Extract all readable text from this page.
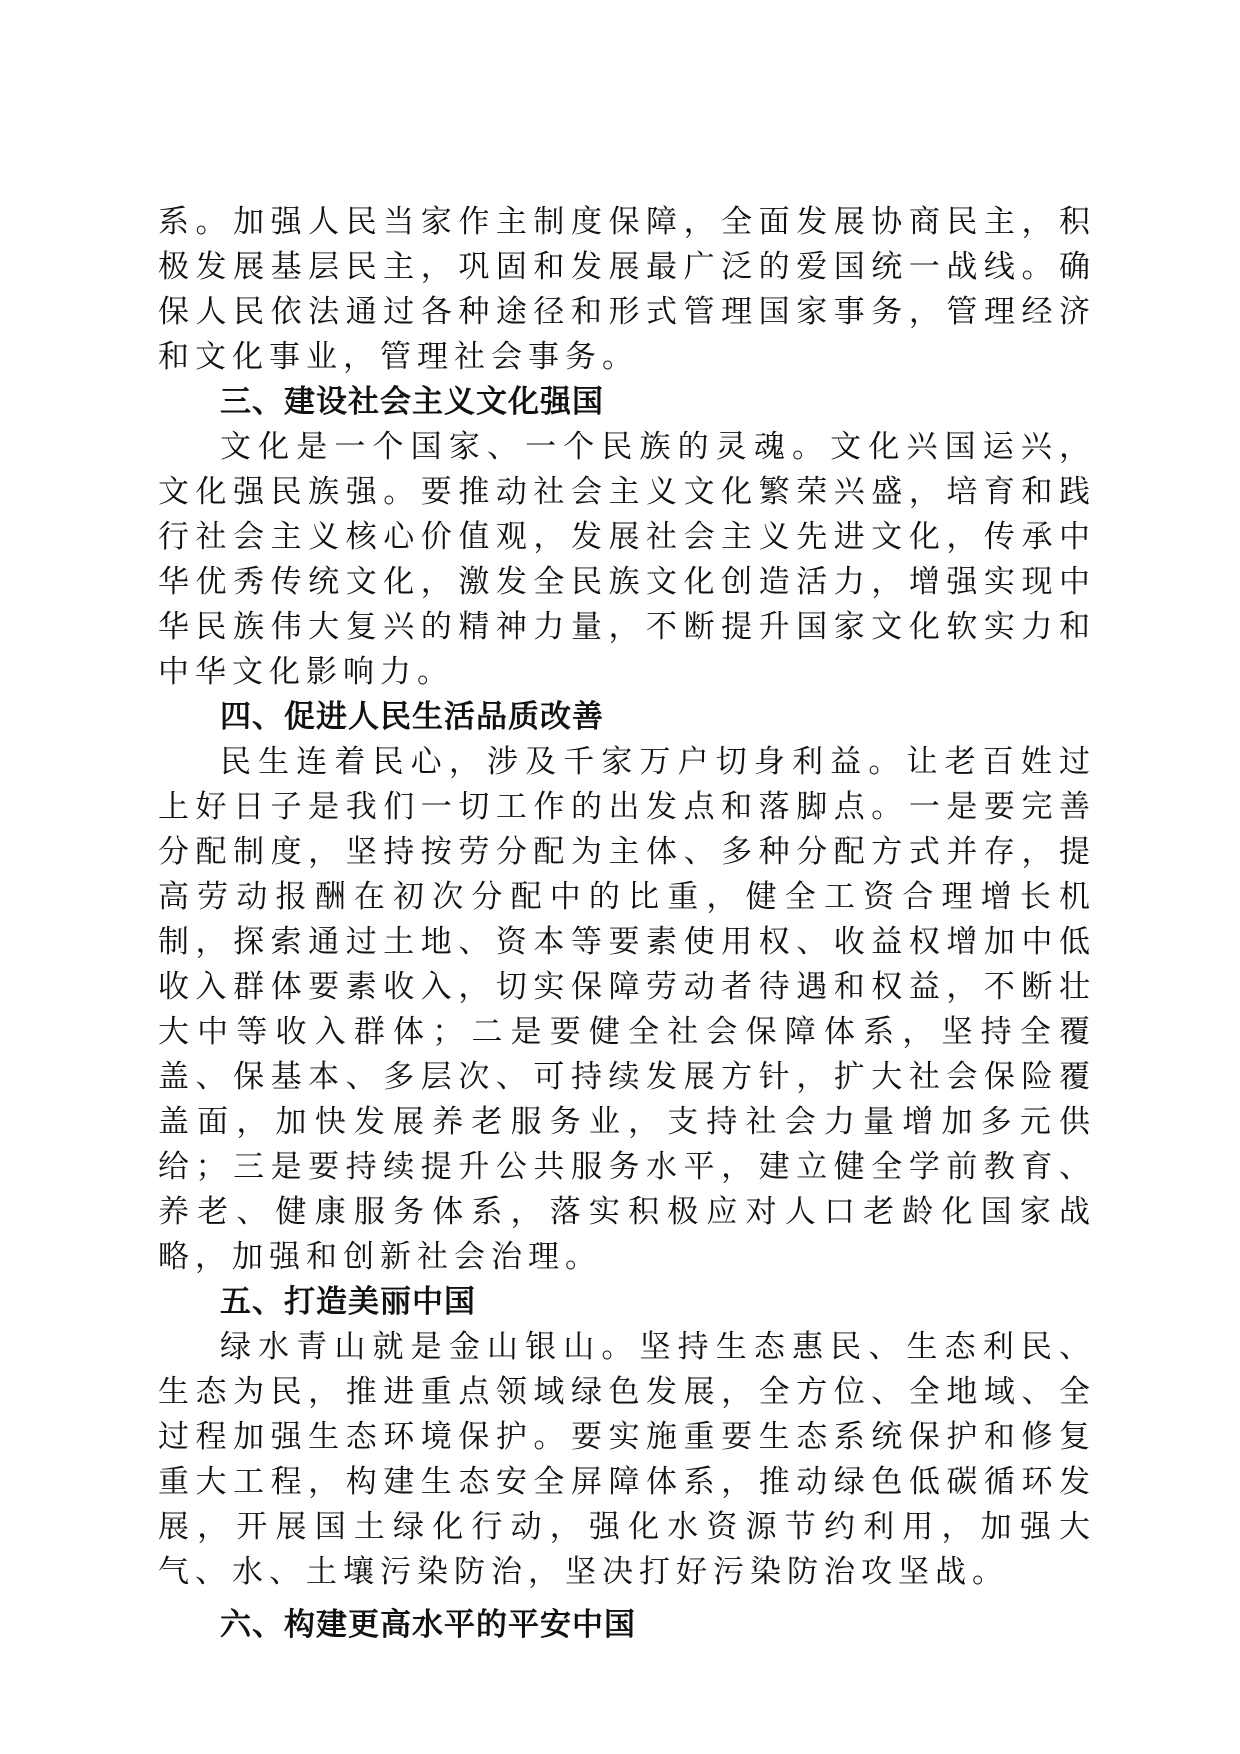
系。加强人民当家作主制度保障，全面发展协商民主，积极发展基层民主，巩固和发展最广泛的爱国统一战线。确保人民依法通过各种途径和形式管理国家事务，管理经济和文化事业，管理社会事务。

三、建设社会主义文化强国

文化是一个国家、一个民族的灵魂。文化兴国运兴，文化强民族强。要推动社会主义文化繁荣兴盛，培育和践行社会主义核心价值观，发展社会主义先进文化，传承中华优秀传统文化，激发全民族文化创造活力，增强实现中华民族伟大复兴的精神力量，不断提升国家文化软实力和中华文化影响力。

四、促进人民生活品质改善

民生连着民心，涉及千家万户切身利益。让老百姓过上好日子是我们一切工作的出发点和落脚点。一是要完善分配制度，坚持按劳分配为主体、多种分配方式并存，提高劳动报酬在初次分配中的比重，健全工资合理增长机制，探索通过土地、资本等要素使用权、收益权增加中低收入群体要素收入，切实保障劳动者待遇和权益，不断壮大中等收入群体；二是要健全社会保障体系，坚持全覆盖、保基本、多层次、可持续发展方针，扩大社会保险覆盖面，加快发展养老服务业，支持社会力量增加多元供给；三是要持续提升公共服务水平，建立健全学前教育、养老、健康服务体系，落实积极应对人口老龄化国家战略，加强和创新社会治理。

五、打造美丽中国

绿水青山就是金山银山。坚持生态惠民、生态利民、生态为民，推进重点领域绿色发展，全方位、全地域、全过程加强生态环境保护。要实施重要生态系统保护和修复重大工程，构建生态安全屏障体系，推动绿色低碳循环发展，开展国土绿化行动，强化水资源节约利用，加强大气、水、土壤污染防治，坚决打好污染防治攻坚战。

六、构建更高水平的平安中国
